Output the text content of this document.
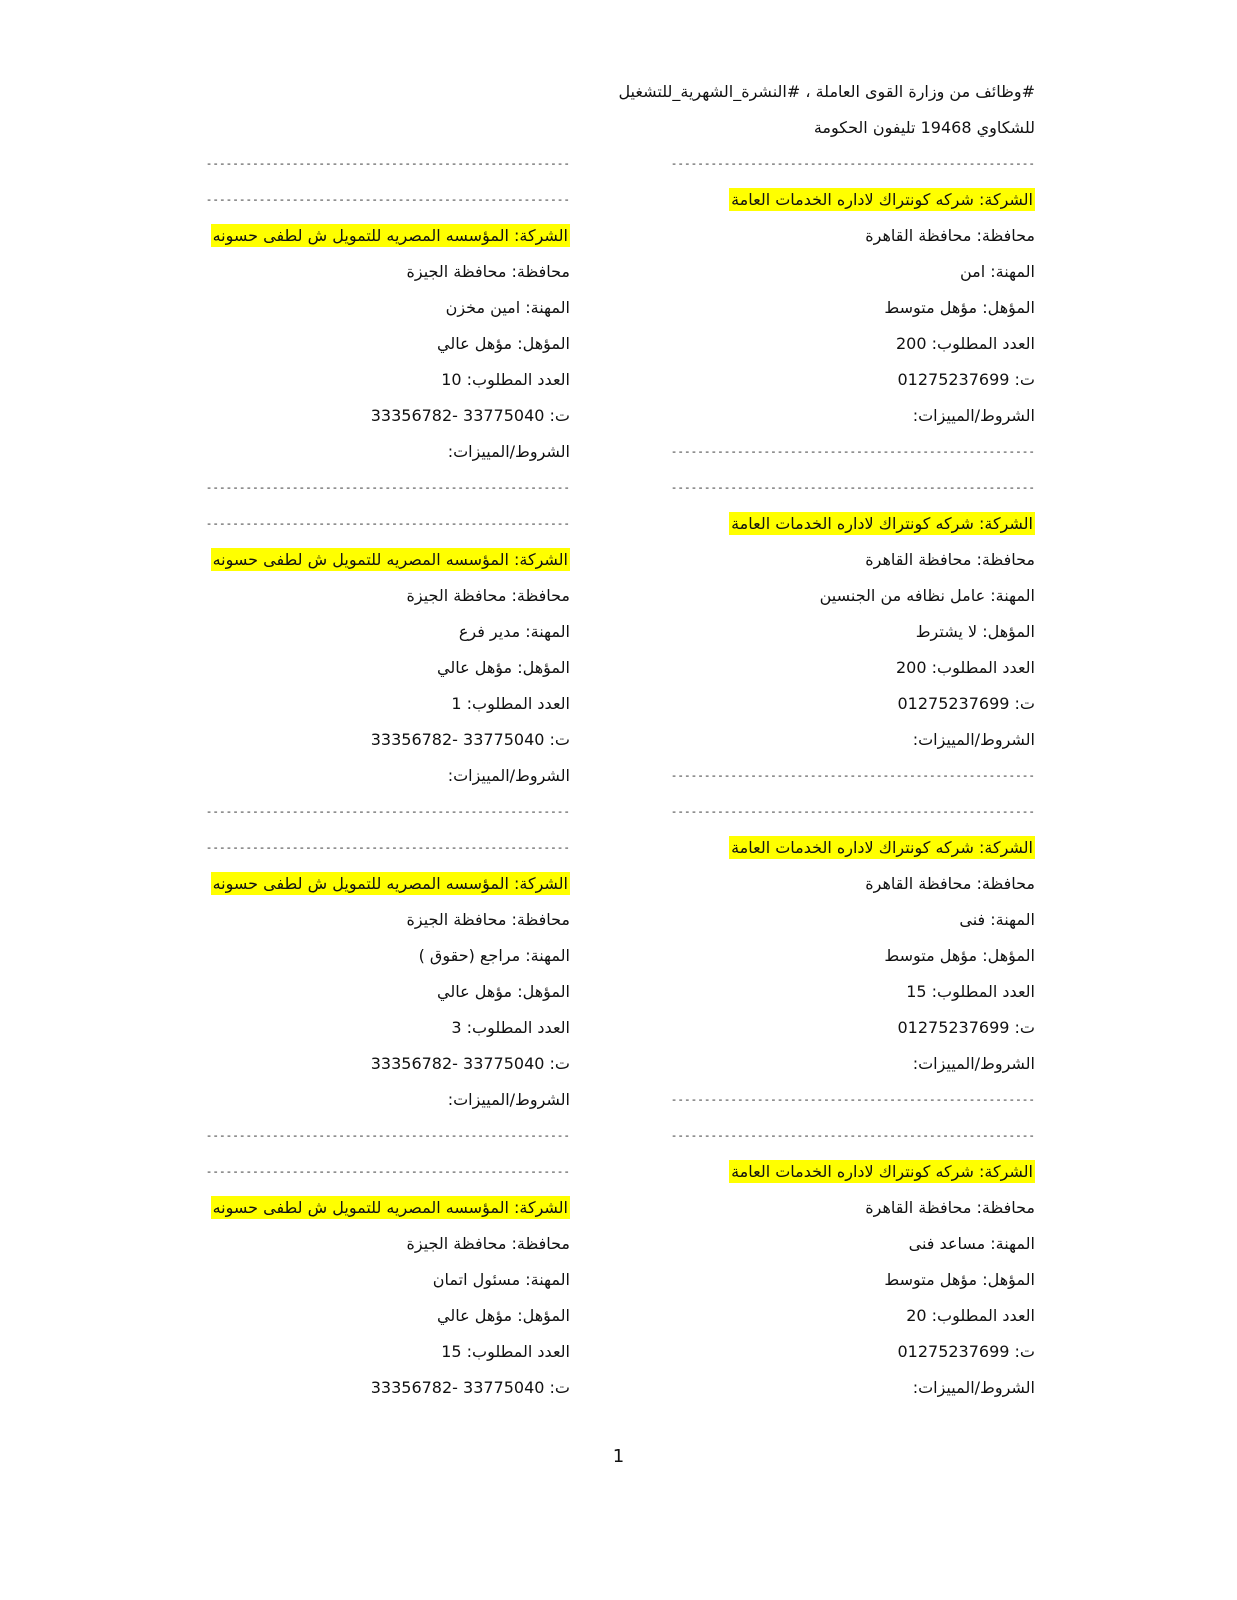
#وظائف من وزارة القوى العاملة ، #النشرة_الشهرية_للتشغيل
للشكاوي 19468 تليفون الحكومة
-------------------------------------------------------
الشركة: شركه كونتراك لاداره الخدمات العامة
محافظة: محافظة القاهرة
المهنة: امن
المؤهل: مؤهل متوسط
العدد المطلوب: 200
ت: 01275237699
الشروط/المييزات:
-------------------------------------------------------
-------------------------------------------------------
الشركة: شركه كونتراك لاداره الخدمات العامة
محافظة: محافظة القاهرة
المهنة: عامل نظافه من الجنسين
المؤهل: لا يشترط
العدد المطلوب: 200
ت: 01275237699
الشروط/المييزات:
-------------------------------------------------------
-------------------------------------------------------
الشركة: شركه كونتراك لاداره الخدمات العامة
محافظة: محافظة القاهرة
المهنة: فنى
المؤهل: مؤهل متوسط
العدد المطلوب: 15
ت: 01275237699
الشروط/المييزات:
-------------------------------------------------------
-------------------------------------------------------
الشركة: شركه كونتراك لاداره الخدمات العامة
محافظة: محافظة القاهرة
المهنة: مساعد فنى
المؤهل: مؤهل متوسط
العدد المطلوب: 20
ت: 01275237699
الشروط/المييزات:
-------------------------------------------------------
-------------------------------------------------------
الشركة: المؤسسه المصريه للتمويل ش لطفى حسونه
محافظة: محافظة الجيزة
المهنة: امين مخزن
المؤهل: مؤهل عالي
العدد المطلوب: 10
ت: 33775040 -33356782
الشروط/المييزات:
-------------------------------------------------------
-------------------------------------------------------
الشركة: المؤسسه المصريه للتمويل ش لطفى حسونه
محافظة: محافظة الجيزة
المهنة: مدير فرع
المؤهل: مؤهل عالي
العدد المطلوب: 1
ت: 33775040 -33356782
الشروط/المييزات:
-------------------------------------------------------
-------------------------------------------------------
الشركة: المؤسسه المصريه للتمويل ش لطفى حسونه
محافظة: محافظة الجيزة
المهنة: مراجع (حقوق )
المؤهل: مؤهل عالي
العدد المطلوب: 3
ت: 33775040 -33356782
الشروط/المييزات:
-------------------------------------------------------
-------------------------------------------------------
الشركة: المؤسسه المصريه للتمويل ش لطفى حسونه
محافظة: محافظة الجيزة
المهنة: مسئول اتمان
المؤهل: مؤهل عالي
العدد المطلوب: 15
ت: 33775040 -33356782
1
